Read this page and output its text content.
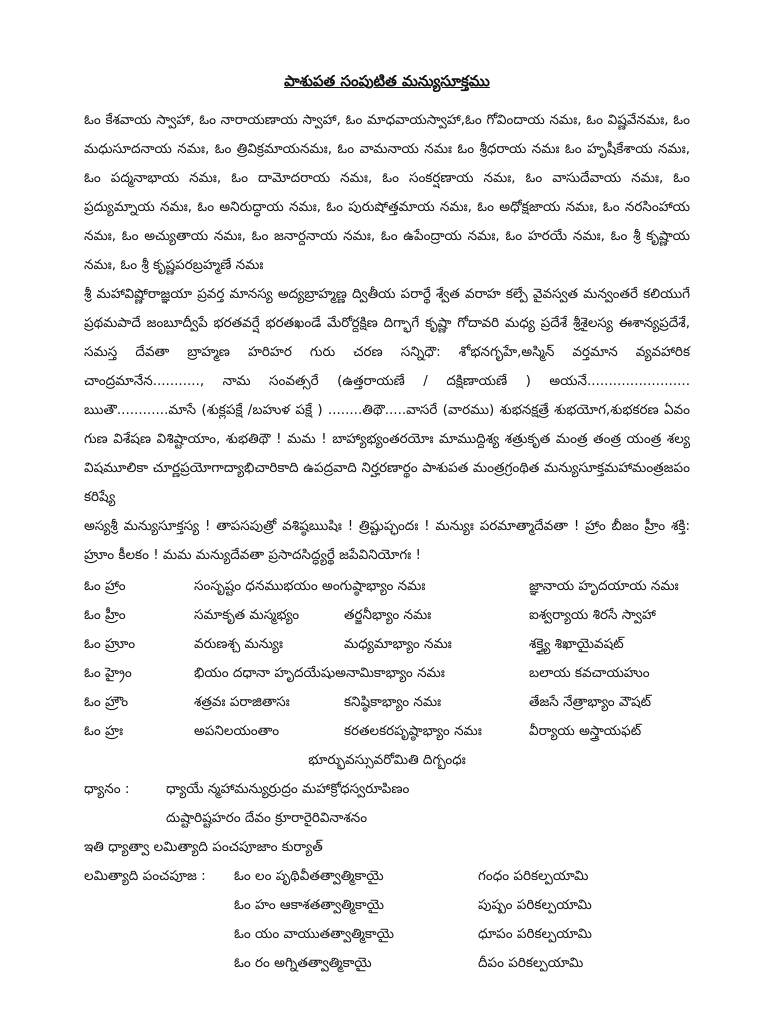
పాశుపత సంపుటిత మన్యుసూక్తము

ఓం కేశవాయ స్వాహా, ఓం నారాయణాయ స్వాహా, ఓం మాధవాయస్వాహా,ఓం గోవిందాయ నమః, ఓం విష్ణవేనమః, ఓం మధుసూదనాయ నమః, ఓం త్రివిక్రమాయనమః, ఓం వామనాయ నమః ఓం శ్రీధరాయ నమః ఓం హృషీకేశాయ నమః, ఓం పద్మనాభాయ నమః, ఓం దామోదరాయ నమః, ఓం సంకర్షణాయ నమః, ఓం వాసుదేవాయ నమః, ఓం ప్రద్యుమ్నాయ నమః, ఓం అనిరుద్ధాయ నమః, ఓం పురుషోత్తమాయ నమః, ఓం అధోక్షజాయ నమః, ఓం నరసింహాయ నమః, ఓం అచ్యుతాయ నమః, ఓం జనార్దనాయ నమః, ఓం ఉపేంద్రాయ నమః, ఓం హరయే నమః, ఓం శ్రీ కృష్ణాయ నమః, ఓం శ్రీ కృష్ణపరబ్రహ్మణే నమః

శ్రీ మహావిష్ణోరాజ్ఞయా ప్రవర్త మానస్య అద్యబ్రాహ్మణ్ణ ద్వితీయ పరార్థే శ్వేత వరాహ కల్పే వైవస్వత మన్వంతరే కలియుగే ప్రథమపాదే జంబూద్వీపే భరతవర్షే భరతఖండే మేరోర్దక్షిణ దిగ్భాగే కృష్ణా గోదావరి మధ్య ప్రదేశే శ్రీశైలస్య ఈశాన్యప్రదేశే, సమస్త దేవతా బ్రాహ్మణ హరిహర గురు చరణ సన్నిధౌ: శోభనగృహే,అస్మిన్ వర్తమాన వ్యవహారిక చాంద్రమానేన..........., నామ సంవత్సరే (ఉత్తరాయణే / దక్షిణాయణే ) అయనే........................ ఋతౌ............మాసే (శుక్లపక్షే /బహుళ పక్షే ) ........తిథౌ.....వాసరే (వారము) శుభనక్షత్రే శుభయోగ,శుభకరణ ఏవం గుణ విశేషణ విశిష్టాయాం, శుభతిథౌ ! మమ ! బాహ్యాభ్యంతరయోః మాముద్దిశ్య శత్రుకృత మంత్ర తంత్ర యంత్ర శల్య విషమూలికా చూర్ణప్రయోగాద్యాభిచారికాది ఉపద్రవాది నిర్హరణార్థం పాశుపత మంత్రగ్రంథిత మన్యుసూక్తమహామంత్రజపం కరిష్యే

అస్యశ్రీ మన్యుసూక్తస్య ! తాపసపుత్రో వశిష్ఠఋషిః ! త్రిష్టుప్ఛందః ! మన్యుః పరమాత్మాదేవతా ! హ్రాం బీజం హ్రీం శక్తి: హ్రూం కీలకం ! మమ మన్యుదేవతా ప్రసాదసిద్ధ్యర్థే జపేవినియోగః !

ఓం హ్రాం	సంసృష్టం ధనముభయం అంగుష్ఠాభ్యాం నమః	జ్ఞానాయ హృదయాయ నమః
ఓం హ్రీం	సమాకృత మస్మభ్యం	తర్జనీభ్యాం నమః	ఐశ్వర్యాయ శిరసే స్వాహా
ఓం హ్రూం	వరుణశ్చ మన్యుః	మధ్యమాభ్యాం నమః	శక్త్యై శిఖాయైవషట్
ఓం హ్రైం	భియం దధానా హృదయేషుఅనామికాభ్యాం నమః	బలాయ కవచాయహుం
ఓం హ్రౌం	శత్రవః పరాజితాసః	కనిష్ఠికాభ్యాం నమః	తేజసే నేత్రాభ్యాం వౌషట్
ఓం హ్రః	అపనిలయంతాం	కరతలకరపృష్ఠాభ్యాం నమః	వీర్యాయ అస్త్రాయఫట్
భూర్భువస్సువరోమితి దిగ్బంధః
ధ్యానం :	ధ్యాయే న్మహామన్యుర్రుద్రం మహాక్రోధస్వరూపిణం
దుష్టారిష్టహరం దేవం క్రూరారైరివినాశనం
ఇతి ధ్యాత్వా లమిత్యాది పంచపూజాం కుర్యాత్
లమిత్యాది పంచపూజ :	ఓం లం పృథివీతత్వాత్మికాయై	గంధం పరికల్పయామి
ఓం హం ఆకాశతత్వాత్మికాయై	పుష్పం పరికల్పయామి
ఓం యం వాయుతత్వాత్మికాయై	ధూపం పరికల్పయామి
ఓం రం అగ్నితత్వాత్మికాయై	దీపం పరికల్పయామి
